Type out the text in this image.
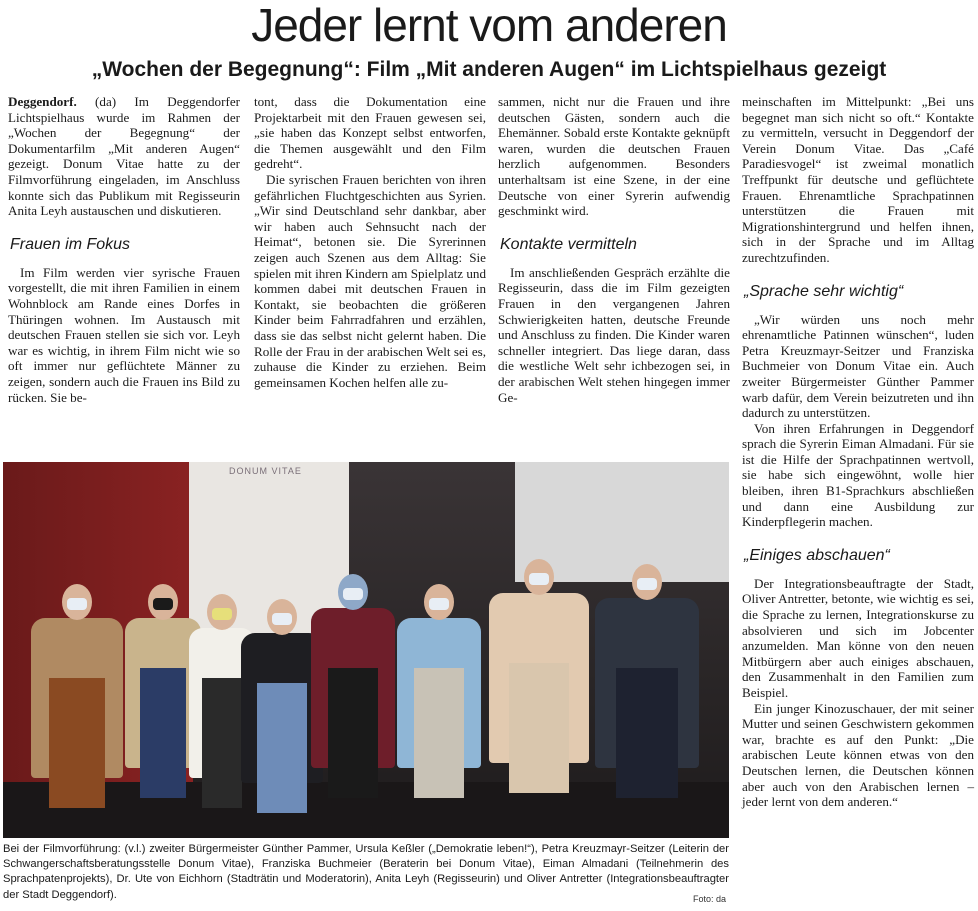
Jeder lernt vom anderen
„Wochen der Begegnung“: Film „Mit anderen Augen“ im Lichtspielhaus gezeigt

Deggendorf. (da) Im Deggendorfer Lichtspielhaus wurde im Rahmen der „Wochen der Begegnung“ der Dokumentarfilm „Mit anderen Augen“ gezeigt. Donum Vitae hatte zu der Filmvorführung eingeladen, im Anschluss konnte sich das Publikum mit Regisseurin Anita Leyh austauschen und diskutieren.

Frauen im Fokus

Im Film werden vier syrische Frauen vorgestellt, die mit ihren Familien in einem Wohnblock am Rande eines Dorfes in Thüringen wohnen. Im Austausch mit deutschen Frauen stellen sie sich vor. Leyh war es wichtig, in ihrem Film nicht wie so oft immer nur geflüchtete Männer zu zeigen, sondern auch die Frauen ins Bild zu rücken. Sie be-

tont, dass die Dokumentation eine Projektarbeit mit den Frauen gewesen sei, „sie haben das Konzept selbst entworfen, die Themen ausgewählt und den Film gedreht“.

Die syrischen Frauen berichten von ihren gefährlichen Fluchtgeschichten aus Syrien. „Wir sind Deutschland sehr dankbar, aber wir haben auch Sehnsucht nach der Heimat“, betonen sie. Die Syrerinnen zeigen auch Szenen aus dem Alltag: Sie spielen mit ihren Kindern am Spielplatz und kommen dabei mit deutschen Frauen in Kontakt, sie beobachten die größeren Kinder beim Fahrradfahren und erzählen, dass sie das selbst nicht gelernt haben. Die Rolle der Frau in der arabischen Welt sei es, zuhause die Kinder zu erziehen. Beim gemeinsamen Kochen helfen alle zu-

sammen, nicht nur die Frauen und ihre deutschen Gästen, sondern auch die Ehemänner. Sobald erste Kontakte geknüpft waren, wurden die deutschen Frauen herzlich aufgenommen. Besonders unterhaltsam ist eine Szene, in der eine Deutsche von einer Syrerin aufwendig geschminkt wird.

Kontakte vermitteln

Im anschließenden Gespräch erzählte die Regisseurin, dass die im Film gezeigten Frauen in den vergangenen Jahren Schwierigkeiten hatten, deutsche Freunde und Anschluss zu finden. Die Kinder waren schneller integriert. Das liege daran, dass die westliche Welt sehr ichbezogen sei, in der arabischen Welt stehen hingegen immer Ge-

meinschaften im Mittelpunkt: „Bei uns begegnet man sich nicht so oft.“ Kontakte zu vermitteln, versucht in Deggendorf der Verein Donum Vitae. Das „Café Paradiesvogel“ ist zweimal monatlich Treffpunkt für deutsche und geflüchtete Frauen. Ehrenamtliche Sprachpatinnen unterstützen die Frauen mit Migrationshintergrund und helfen ihnen, sich in der Sprache und im Alltag zurechtzufinden.

„Sprache sehr wichtig“

„Wir würden uns noch mehr ehrenamtliche Patinnen wünschen“, luden Petra Kreuzmayr-Seitzer und Franziska Buchmeier von Donum Vitae ein. Auch zweiter Bürgermeister Günther Pammer warb dafür, dem Verein beizutreten und ihn dadurch zu unterstützen.

Von ihren Erfahrungen in Deggendorf sprach die Syrerin Eiman Almadani. Für sie ist die Hilfe der Sprachpatinnen wertvoll, sie habe sich eingewöhnt, wolle hier bleiben, ihren B1-Sprachkurs abschließen und dann eine Ausbildung zur Kinderpflegerin machen.

„Einiges abschauen“

Der Integrationsbeauftragte der Stadt, Oliver Antretter, betonte, wie wichtig es sei, die Sprache zu lernen, Integrationskurse zu absolvieren und sich im Jobcenter anzumelden. Man könne von den neuen Mitbürgern aber auch einiges abschauen, den Zusammenhalt in den Familien zum Beispiel.

Ein junger Kinozuschauer, der mit seiner Mutter und seinen Geschwistern gekommen war, brachte es auf den Punkt: „Die arabischen Leute können etwas von den Deutschen lernen, die Deutschen können aber auch von den Arabischen lernen – jeder lernt von dem anderen.“

DONUM VITAE
Bei der Filmvorführung: (v.l.) zweiter Bürgermeister Günther Pammer, Ursula Keßler („Demokratie leben!“), Petra Kreuzmayr-Seitzer (Leiterin der Schwangerschaftsberatungsstelle Donum Vitae), Franziska Buchmeier (Beraterin bei Donum Vitae), Eiman Almadani (Teilnehmerin des Sprachpatenprojekts), Dr. Ute von Eichhorn (Stadträtin und Moderatorin), Anita Leyh (Regisseurin) und Oliver Antretter (Integrationsbeauftragter der Stadt Deggendorf).	Foto: da
